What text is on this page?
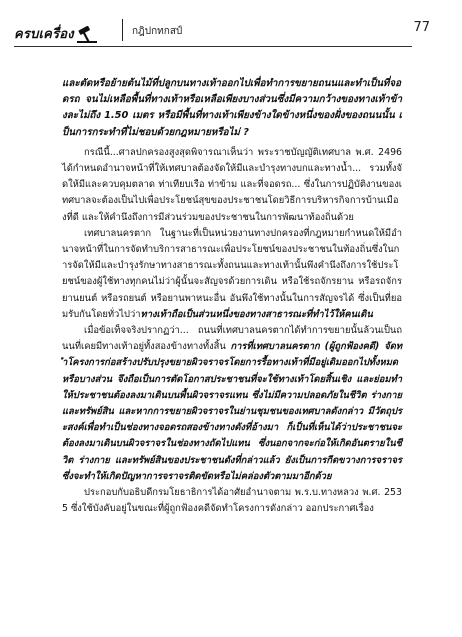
ครบเครื่อง	กฎิปกทกสป์	77

และตัดหรือย้ายต้นไม้ที่ปลูกบนทางเท้าออกไปเพื่อทำการขยายถนนและทำเป็นที่จอดรถ จนไม่เหลือพื้นที่ทางเท้าหรือเหลือเพียงบางส่วนซึ่งมีความกว้างของทางเท้าข้างละไม่ถึง 1.50 เมตร หรือมีพื้นที่ทางเท้าเพียงข้างใดข้างหนึ่งของฝั่งของถนนนั้น เป็นการกระทำที่ไม่ชอบด้วยกฎหมายหรือไม่ ?

กรณีนี้...ศาลปกครองสูงสุดพิจารณาเห็นว่า พระราชบัญญัติเทศบาล พ.ศ. 2496 ได้กำหนดอำนาจหน้าที่ให้เทศบาลต้องจัดให้มีและบำรุงทางบกและทางน้ำ... รวมทั้งจัดให้มีและควบคุมตลาด ท่าเทียบเรือ ท่าข้าม และที่จอดรถ... ซึ่งในการปฏิบัติงานของเทศบาลจะต้องเป็นไปเพื่อประโยชน์สุขของประชาชนโดยวิธีการบริหารกิจการบ้านเมืองที่ดี และให้คำนึงถึงการมีส่วนร่วมของประชาชนในการพัฒนาท้องถิ่นด้วย

เทศบาลนครตาก ในฐานะที่เป็นหน่วยงานทางปกครองที่กฎหมายกำหนดให้มีอำนาจหน้าที่ในการจัดทำบริการสาธารณะเพื่อประโยชน์ของประชาชนในท้องถิ่นซึ่งในการจัดให้มีและบำรุงรักษาทางสาธารณะทั้งถนนและทางเท้านั้นพึงคำนึงถึงการใช้ประโยชน์ของผู้ใช้ทางทุกคนไม่ว่าผู้นั้นจะสัญจรด้วยการเดิน หรือใช้รถจักรยาน หรือรถจักรยานยนต์ หรือรถยนต์ หรือยานพาหนะอื่น อันพึงใช้ทางนั้นในการสัญจรได้ ซึ่งเป็นที่ยอมรับกันโดยทั่วไปว่าทางเท้าถือเป็นส่วนหนึ่งของทางสาธารณะที่ทำไว้ให้คนเดิน

เมื่อข้อเท็จจริงปรากฏว่า... ถนนที่เทศบาลนครตากได้ทำการขยายนั้นล้วนเป็นถนนที่เคยมีทางเท้าอยู่ทั้งสองข้างทางทั้งสิ้น การที่เทศบาลนครตาก (ผู้ถูกฟ้องคดี) จัดทำโครงการก่อสร้างปรับปรุงขยายผิวจราจรโดยการรื้อทางเท้าที่มีอยู่เดิมออกไปทั้งหมดหรือบางส่วน จึงถือเป็นการตัดโอกาสประชาชนที่จะใช้ทางเท้าโดยสิ้นเชิง และย่อมทำให้ประชาชนต้องลงมาเดินบนพื้นผิวจราจรแทน ซึ่งไม่มีความปลอดภัยในชีวิต ร่างกาย และทรัพย์สิน และหากการขยายผิวจราจรในย่านชุมชนของเทศบาลดังกล่าว มีวัตถุประสงค์เพื่อทำเป็นช่องทางจอดรถสองข้างทางดังที่อ้างมา ก็เป็นที่เห็นได้ว่าประชาชนจะต้องลงมาเดินบนผิวจราจรในช่องทางถัดไปแทน ซึ่งนอกจากจะก่อให้เกิดอันตรายในชีวิต ร่างกาย และทรัพย์สินของประชาชนดังที่กล่าวแล้ว ยังเป็นการกีดขวางการจราจรซึ่งจะทำให้เกิดปัญหาการจราจรติดขัดหรือไม่คล่องตัวตามมาอีกด้วย

ประกอบกับอธิบดีกรมโยธาธิการได้อาศัยอำนาจตาม พ.ร.บ.ทางหลวง พ.ศ. 2535 ซึ่งใช้บังคับอยู่ในขณะที่ผู้ถูกฟ้องคดีจัดทำโครงการดังกล่าว ออกประกาศเรื่อง
